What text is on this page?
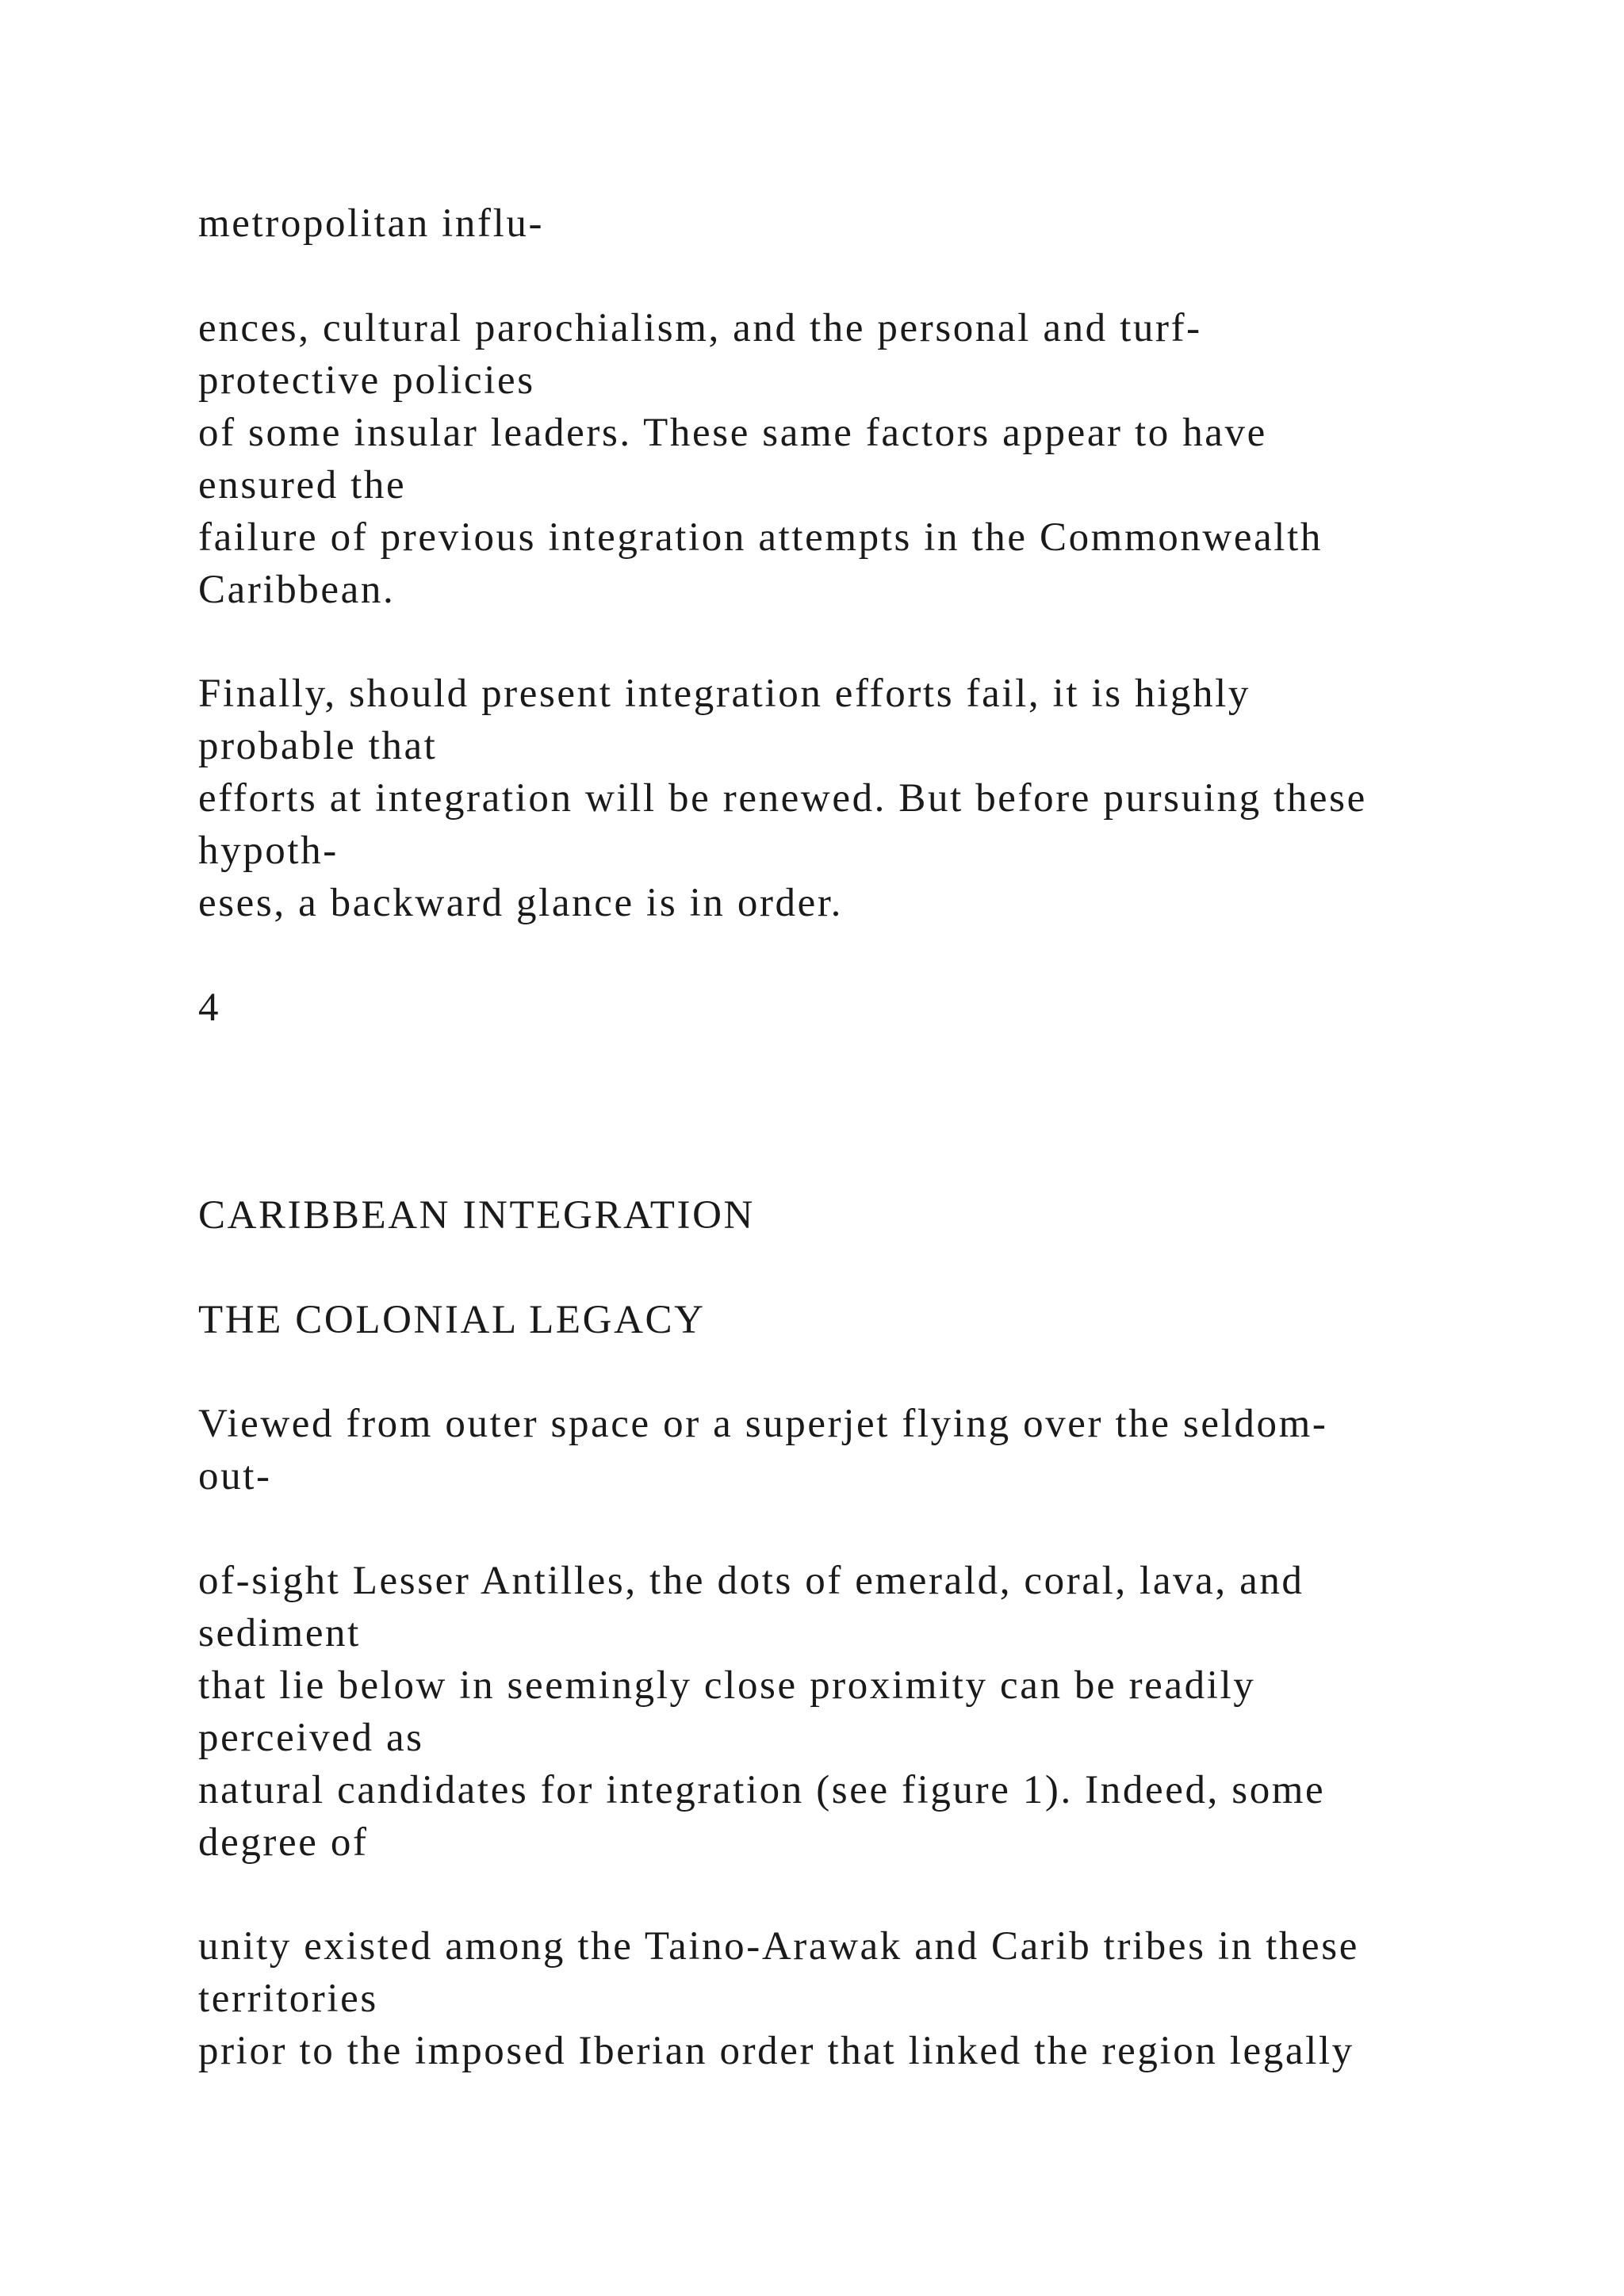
metropolitan influ-

ences, cultural parochialism, and the personal and turf-

protective policies

of some insular leaders. These same factors appear to have

ensured the

failure of previous integration attempts in the Commonwealth

Caribbean.

Finally, should present integration efforts fail, it is highly

probable that

efforts at integration will be renewed. But before pursuing these

hypoth-

eses, a backward glance is in order.

4

CARIBBEAN INTEGRATION

THE COLONIAL LEGACY

Viewed from outer space or a superjet flying over the seldom-

out-

of-sight Lesser Antilles, the dots of emerald, coral, lava, and

sediment

that lie below in seemingly close proximity can be readily

perceived as

natural candidates for integration (see figure 1). Indeed, some

degree of

unity existed among the Taino-Arawak and Carib tribes in these

territories

prior to the imposed Iberian order that linked the region legally
